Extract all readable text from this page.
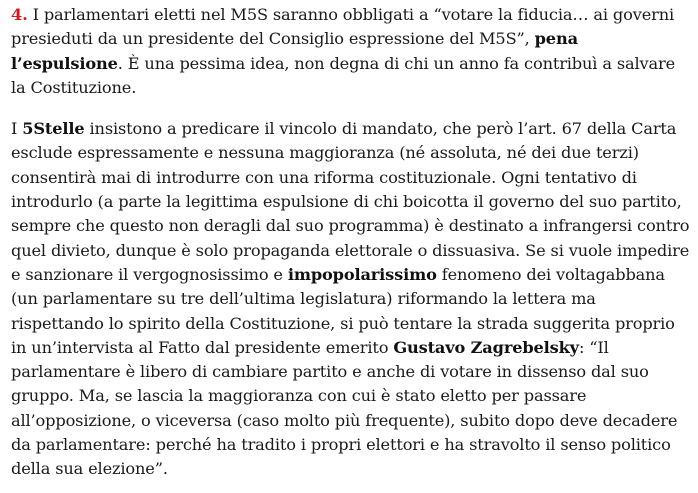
4. I parlamentari eletti nel M5S saranno obbligati a “votare la fiducia… ai governi presieduti da un presidente del Consiglio espressione del M5S”, pena l’espulsione. È una pessima idea, non degna di chi un anno fa contribuì a salvare la Costituzione.

I 5Stelle insistono a predicare il vincolo di mandato, che però l’art. 67 della Carta esclude espressamente e nessuna maggioranza (né assoluta, né dei due terzi) consentirà mai di introdurre con una riforma costituzionale. Ogni tentativo di introdurlo (a parte la legittima espulsione di chi boicotta il governo del suo partito, sempre che questo non deragli dal suo programma) è destinato a infrangersi contro quel divieto, dunque è solo propaganda elettorale o dissuasiva. Se si vuole impedire e sanzionare il vergognosissimo e impopolarissimo fenomeno dei voltagabbana (un parlamentare su tre dell’ultima legislatura) riformando la lettera ma rispettando lo spirito della Costituzione, si può tentare la strada suggerita proprio in un’intervista al Fatto dal presidente emerito Gustavo Zagrebelsky: “Il parlamentare è libero di cambiare partito e anche di votare in dissenso dal suo gruppo. Ma, se lascia la maggioranza con cui è stato eletto per passare all’opposizione, o viceversa (caso molto più frequente), subito dopo deve decadere da parlamentare: perché ha tradito i propri elettori e ha stravolto il senso politico della sua elezione”.
